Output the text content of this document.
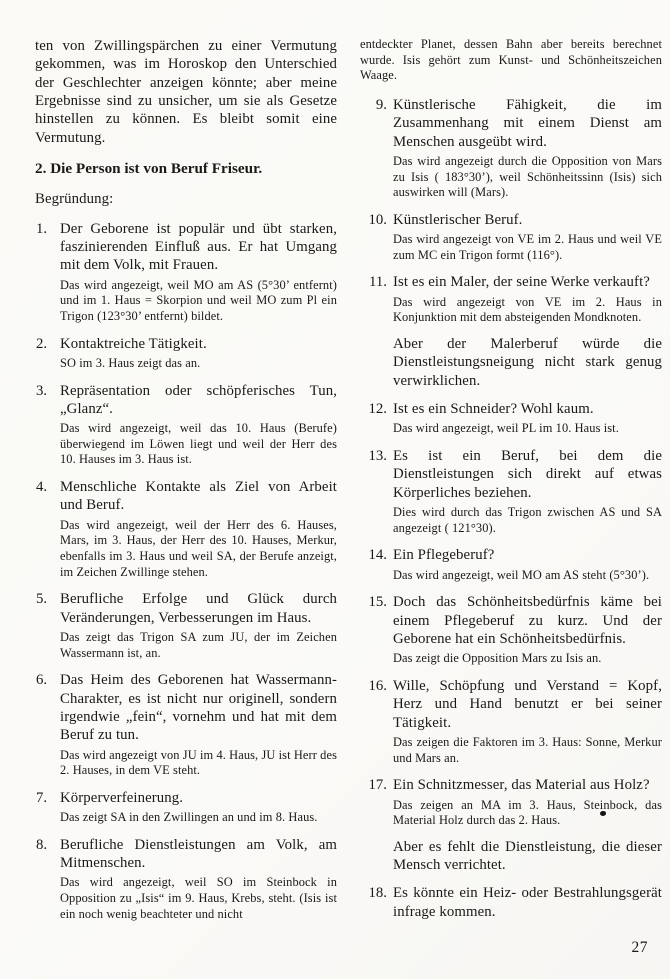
ten von Zwillingspärchen zu einer Vermutung gekommen, was im Horoskop den Unterschied der Geschlechter anzeigen könnte; aber meine Ergebnisse sind zu unsicher, um sie als Gesetze hinstellen zu können. Es bleibt somit eine Vermutung.

2. Die Person ist von Beruf Friseur.

Begründung:

1. Der Geborene ist populär und übt starken, faszinierenden Einfluß aus. Er hat Umgang mit dem Volk, mit Frauen.

Das wird angezeigt, weil MO am AS (5°30’ entfernt) und im 1. Haus = Skorpion und weil MO zum Pl ein Trigon (123°30’ entfernt) bildet.

2. Kontaktreiche Tätigkeit.

SO im 3. Haus zeigt das an.

3. Repräsentation oder schöpferisches Tun, „Glanz“.

Das wird angezeigt, weil das 10. Haus (Berufe) überwiegend im Löwen liegt und weil der Herr des 10. Hauses im 3. Haus ist.

4. Menschliche Kontakte als Ziel von Arbeit und Beruf.

Das wird angezeigt, weil der Herr des 6. Hauses, Mars, im 3. Haus, der Herr des 10. Hauses, Merkur, ebenfalls im 3. Haus und weil SA, der Berufe anzeigt, im Zeichen Zwillinge stehen.

5. Berufliche Erfolge und Glück durch Veränderungen, Verbesserungen im Haus.

Das zeigt das Trigon SA zum JU, der im Zeichen Wassermann ist, an.

6. Das Heim des Geborenen hat Wassermann-Charakter, es ist nicht nur originell, sondern irgendwie „fein“, vornehm und hat mit dem Beruf zu tun.

Das wird angezeigt von JU im 4. Haus, JU ist Herr des 2. Hauses, in dem VE steht.

7. Körperverfeinerung.

Das zeigt SA in den Zwillingen an und im 8. Haus.

8. Berufliche Dienstleistungen am Volk, am Mitmenschen.

Das wird angezeigt, weil SO im Steinbock in Opposition zu „Isis“ im 9. Haus, Krebs, steht. (Isis ist ein noch wenig beachteter und nicht

entdeckter Planet, dessen Bahn aber bereits berechnet wurde. Isis gehört zum Kunst- und Schönheitszeichen Waage.

9. Künstlerische Fähigkeit, die im Zusammenhang mit einem Dienst am Menschen ausgeübt wird.

Das wird angezeigt durch die Opposition von Mars zu Isis ( 183°30’), weil Schönheitssinn (Isis) sich auswirken will (Mars).

10. Künstlerischer Beruf.

Das wird angezeigt von VE im 2. Haus und weil VE zum MC ein Trigon formt (116°).

11. Ist es ein Maler, der seine Werke verkauft?

Das wird angezeigt von VE im 2. Haus in Konjunktion mit dem absteigenden Mondknoten.

Aber der Malerberuf würde die Dienstleistungsneigung nicht stark genug verwirklichen.

12. Ist es ein Schneider? Wohl kaum.

Das wird angezeigt, weil PL im 10. Haus ist.

13. Es ist ein Beruf, bei dem die Dienstleistungen sich direkt auf etwas Körperliches beziehen.

Dies wird durch das Trigon zwischen AS und SA angezeigt ( 121°30).

14. Ein Pflegeberuf?

Das wird angezeigt, weil MO am AS steht (5°30’).

15. Doch das Schönheitsbedürfnis käme bei einem Pflegeberuf zu kurz. Und der Geborene hat ein Schönheitsbedürfnis.

Das zeigt die Opposition Mars zu Isis an.

16. Wille, Schöpfung und Verstand = Kopf, Herz und Hand benutzt er bei seiner Tätigkeit.

Das zeigen die Faktoren im 3. Haus: Sonne, Merkur und Mars an.

17. Ein Schnitzmesser, das Material aus Holz?

Das zeigen an MA im 3. Haus, Steinbock, das Material Holz durch das 2. Haus.

Aber es fehlt die Dienstleistung, die dieser Mensch verrichtet.

18. Es könnte ein Heiz- oder Bestrahlungsgerät infrage kommen.

27
